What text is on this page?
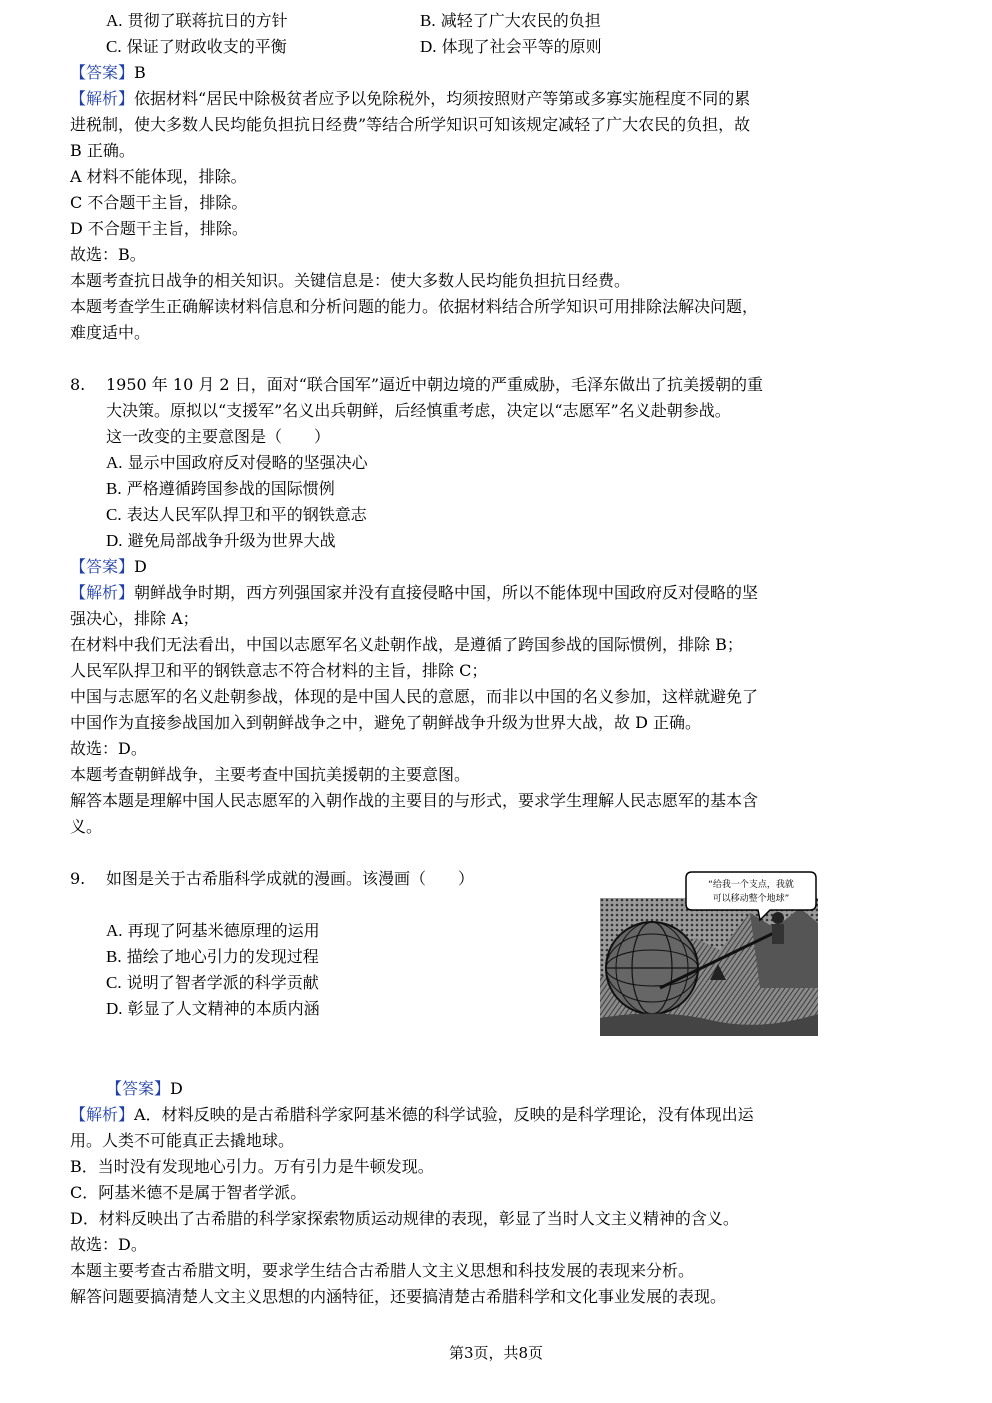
A. 贯彻了联蒋抗日的方针	B. 减轻了广大农民的负担
C. 保证了财政收支的平衡	D. 体现了社会平等的原则
【答案】B
【解析】依据材料“居民中除极贫者应予以免除税外，均须按照财产等第或多寡实施程度不同的累
进税制，使大多数人民均能负担抗日经费”等结合所学知识可知该规定减轻了广大农民的负担，故
B 正确。
A 材料不能体现，排除。
C 不合题干主旨，排除。
D 不合题干主旨，排除。
故选：B。
本题考查抗日战争的相关知识。关键信息是：使大多数人民均能负担抗日经费。
本题考查学生正确解读材料信息和分析问题的能力。依据材料结合所学知识可用排除法解决问题，
难度适中。
8. 1950 年 10 月 2 日，面对“联合国军”逼近中朝边境的严重威胁，毛泽东做出了抗美援朝的重
大决策。原拟以“支援军”名义出兵朝鲜，后经慎重考虑，决定以“志愿军”名义赴朝参战。
这一改变的主要意图是（　　）
A. 显示中国政府反对侵略的坚强决心
B. 严格遵循跨国参战的国际惯例
C. 表达人民军队捍卫和平的钢铁意志
D. 避免局部战争升级为世界大战
【答案】D
【解析】朝鲜战争时期，西方列强国家并没有直接侵略中国，所以不能体现中国政府反对侵略的坚
强决心，排除 A；
在材料中我们无法看出，中国以志愿军名义赴朝作战，是遵循了跨国参战的国际惯例，排除 B；
人民军队捍卫和平的钢铁意志不符合材料的主旨，排除 C；
中国与志愿军的名义赴朝参战，体现的是中国人民的意愿，而非以中国的名义参加，这样就避免了
中国作为直接参战国加入到朝鲜战争之中，避免了朝鲜战争升级为世界大战，故 D 正确。
故选：D。
本题考查朝鲜战争，主要考查中国抗美援朝的主要意图。
解答本题是理解中国人民志愿军的入朝作战的主要目的与形式，要求学生理解人民志愿军的基本含
义。
9. 如图是关于古希脂科学成就的漫画。该漫画（　　）
A. 再现了阿基米德原理的运用
B. 描绘了地心引力的发现过程
C. 说明了智者学派的科学贡献
D. 彰显了人文精神的本质内涵
“给我一个支点，我就
可以移动整个地球”
【答案】D
【解析】A．材料反映的是古希腊科学家阿基米德的科学试验，反映的是科学理论，没有体现出运
用。人类不可能真正去撬地球。
B．当时没有发现地心引力。万有引力是牛顿发现。
C．阿基米德不是属于智者学派。
D．材料反映出了古希腊的科学家探索物质运动规律的表现，彰显了当时人文主义精神的含义。
故选：D。
本题主要考查古希腊文明，要求学生结合古希腊人文主义思想和科技发展的表现来分析。
解答问题要搞清楚人文主义思想的内涵特征，还要搞清楚古希腊科学和文化事业发展的表现。
第3页，共8页
